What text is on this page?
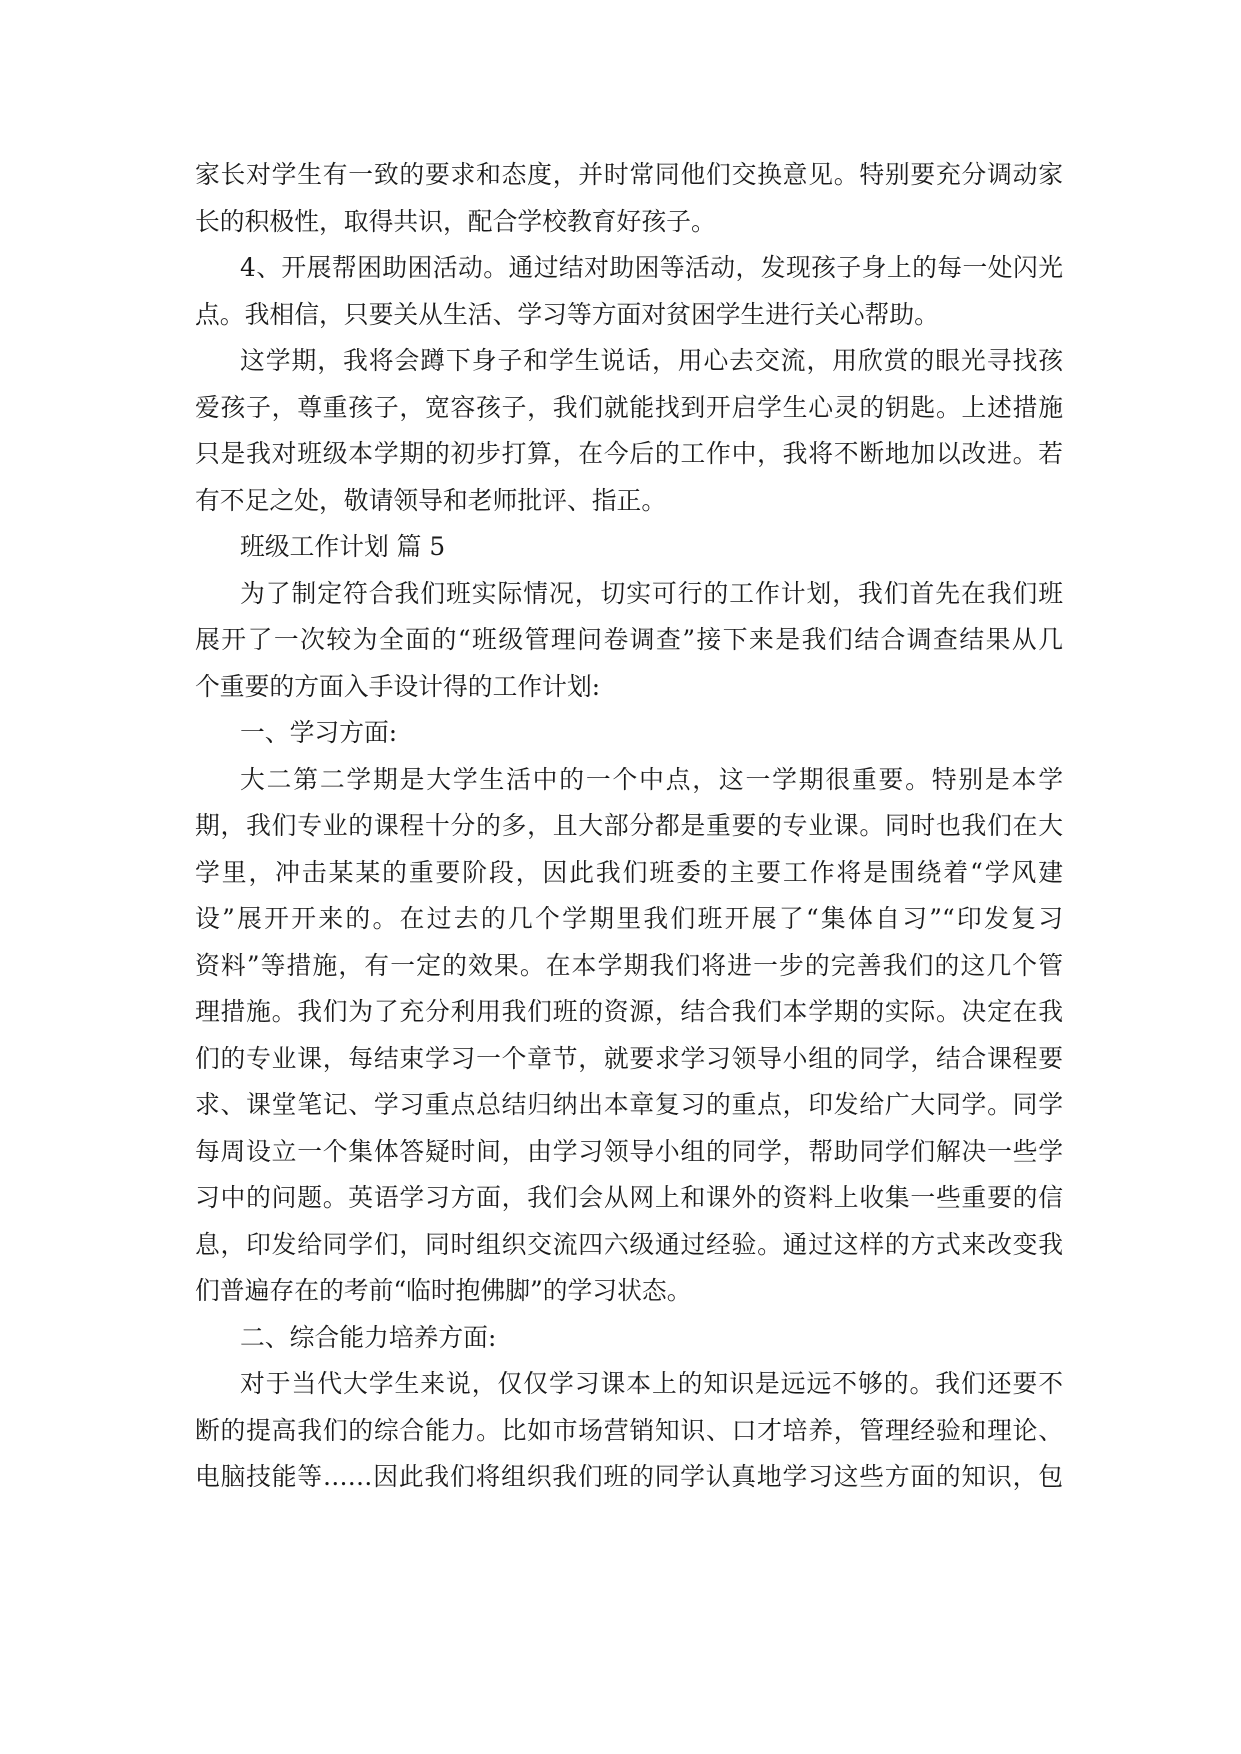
家长对学生有一致的要求和态度，并时常同他们交换意见。特别要充分调动家
长的积极性，取得共识，配合学校教育好孩子。
4、开展帮困助困活动。通过结对助困等活动，发现孩子身上的每一处闪光
点。我相信，只要关从生活、学习等方面对贫困学生进行关心帮助。
这学期，我将会蹲下身子和学生说话，用心去交流，用欣赏的眼光寻找孩
爱孩子，尊重孩子，宽容孩子，我们就能找到开启学生心灵的钥匙。上述措施
只是我对班级本学期的初步打算，在今后的工作中，我将不断地加以改进。若
有不足之处，敬请领导和老师批评、指正。
班级工作计划 篇 5
为了制定符合我们班实际情况，切实可行的工作计划，我们首先在我们班
展开了一次较为全面的“班级管理问卷调查”接下来是我们结合调查结果从几
个重要的方面入手设计得的工作计划:
一、学习方面:
大二第二学期是大学生活中的一个中点，这一学期很重要。特别是本学
期，我们专业的课程十分的多，且大部分都是重要的专业课。同时也我们在大
学里，冲击某某的重要阶段，因此我们班委的主要工作将是围绕着“学风建
设”展开开来的。在过去的几个学期里我们班开展了“集体自习”“印发复习
资料”等措施，有一定的效果。在本学期我们将进一步的完善我们的这几个管
理措施。我们为了充分利用我们班的资源，结合我们本学期的实际。决定在我
们的专业课，每结束学习一个章节，就要求学习领导小组的同学，结合课程要
求、课堂笔记、学习重点总结归纳出本章复习的重点，印发给广大同学。同学
每周设立一个集体答疑时间，由学习领导小组的同学，帮助同学们解决一些学
习中的问题。英语学习方面，我们会从网上和课外的资料上收集一些重要的信
息，印发给同学们，同时组织交流四六级通过经验。通过这样的方式来改变我
们普遍存在的考前“临时抱佛脚”的学习状态。
二、综合能力培养方面:
对于当代大学生来说，仅仅学习课本上的知识是远远不够的。我们还要不
断的提高我们的综合能力。比如市场营销知识、口才培养，管理经验和理论、
电脑技能等……因此我们将组织我们班的同学认真地学习这些方面的知识，包
